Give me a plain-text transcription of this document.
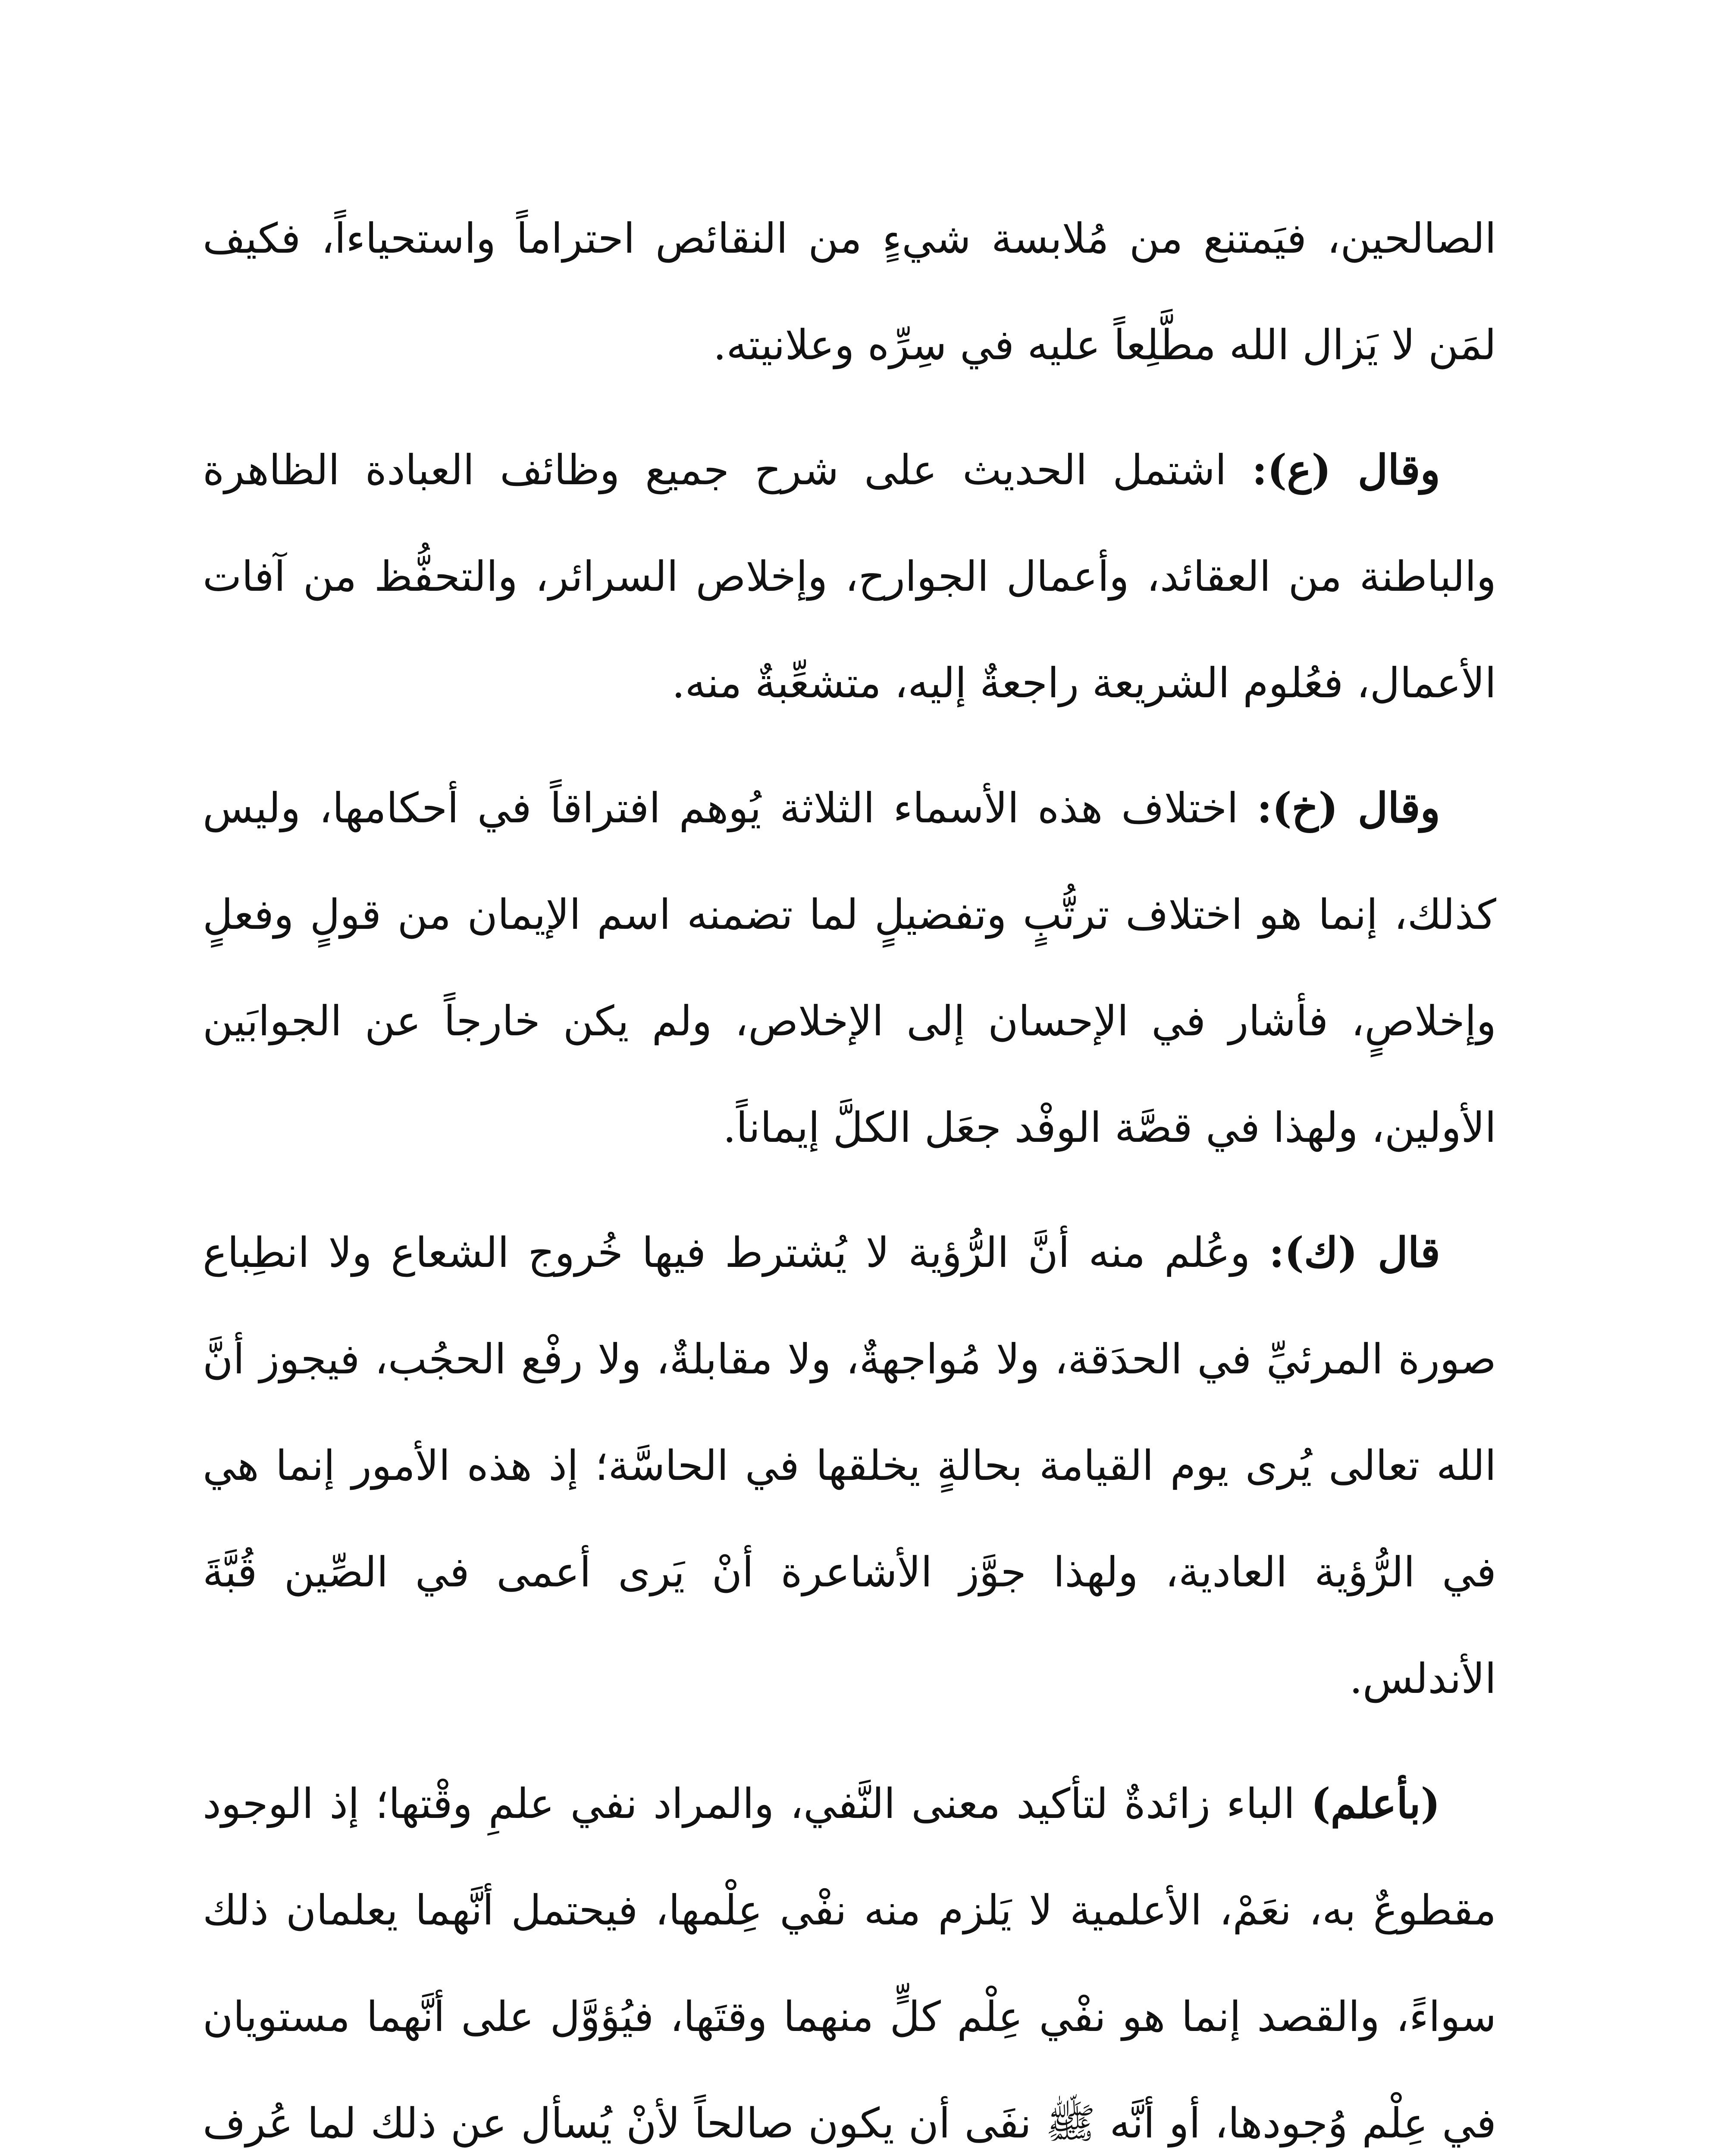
الصالحين، فيَمتنع من مُلابسة شيءٍ من النقائص احتراماً واستحياءاً، فكيف لمَن لا يَزال الله مطَّلِعاً عليه في سِرِّه وعلانيته.

وقال (ع): اشتمل الحديث على شرح جميع وظائف العبادة الظاهرة والباطنة من العقائد، وأعمال الجوارح، وإخلاص السرائر، والتحفُّظ من آفات الأعمال، فعُلوم الشريعة راجعةٌ إليه، متشعِّبةٌ منه.

وقال (خ): اختلاف هذه الأسماء الثلاثة يُوهم افتراقاً في أحكامها، وليس كذلك، إنما هو اختلاف ترتُّبٍ وتفضيلٍ لما تضمنه اسم الإيمان من قولٍ وفعلٍ وإخلاصٍ، فأشار في الإحسان إلى الإخلاص، ولم يكن خارجاً عن الجوابَين الأولين، ولهذا في قصَّة الوفْد جعَل الكلَّ إيماناً.

قال (ك): وعُلم منه أنَّ الرُّؤية لا يُشترط فيها خُروج الشعاع ولا انطِباع صورة المرئيِّ في الحدَقة، ولا مُواجهةٌ، ولا مقابلةٌ، ولا رفْع الحجُب، فيجوز أنَّ الله تعالى يُرى يوم القيامة بحالةٍ يخلقها في الحاسَّة؛ إذ هذه الأمور إنما هي في الرُّؤية العادية، ولهذا جوَّز الأشاعرة أنْ يَرى أعمى في الصِّين قُبَّةَ الأندلس.

(بأعلم) الباء زائدةٌ لتأكيد معنى النَّفي، والمراد نفي علمِ وقْتها؛ إذ الوجود مقطوعٌ به، نعَمْ، الأعلمية لا يَلزم منه نفْي عِلْمها، فيحتمل أنَّهما يعلمان ذلك سواءً، والقصد إنما هو نفْي عِلْم كلٍّ منهما وقتَها، فيُؤوَّل على أنَّهما مستويان في عِلْم وُجودها، أو أنَّه ﷺ نفَى أن يكون صالحاً لأنْ يُسأل عن ذلك لما عُرف
